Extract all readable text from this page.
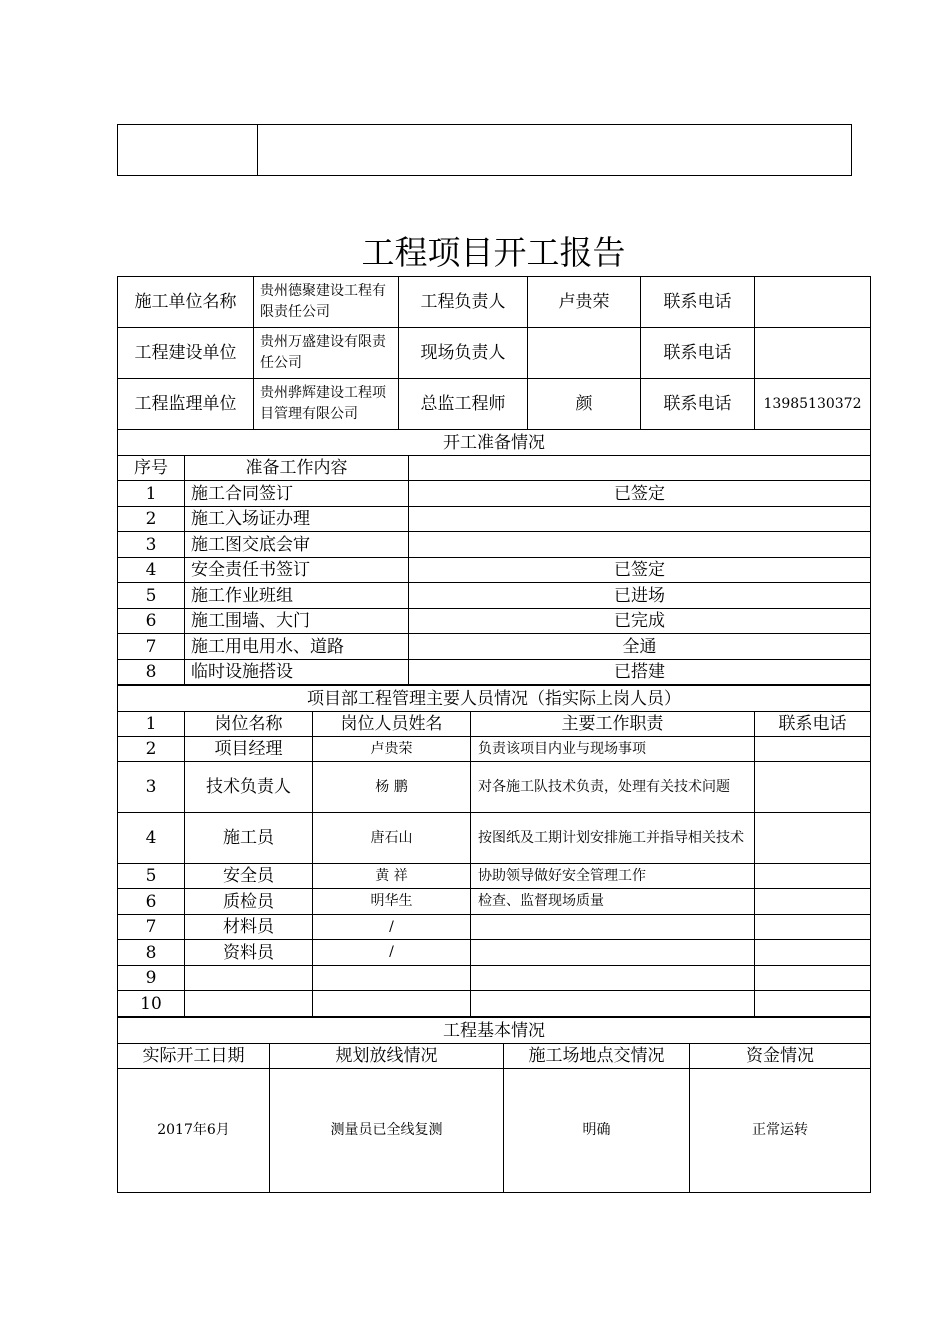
工程项目开工报告
施工单位名称	贵州德聚建设工程有限责任公司	工程负责人	卢贵荣	联系电话	
工程建设单位	贵州万盛建设有限责任公司	现场负责人		联系电话	
工程监理单位	贵州骅辉建设工程项目管理有限公司	总监工程师	颜	联系电话	13985130372
开工准备情况		
序号	准备工作内容	
1	施工合同签订	已签定
2	施工入场证办理	
3	施工图交底会审	
4	安全责任书签订	已签定
5	施工作业班组	已进场
6	施工围墙、大门	已完成
7	施工用电用水、道路	全通
8	临时设施搭设	已搭建
项目部工程管理主要人员情况（指实际上岗人员）				
1	岗位名称	岗位人员姓名	主要工作职责	联系电话
2	项目经理	卢贵荣	负责该项目内业与现场事项	
3	技术负责人	杨 鹏	对各施工队技术负责，处理有关技术问题	
4	施工员	唐石山	按图纸及工期计划安排施工并指导相关技术	
5	安全员	黄 祥	协助领导做好安全管理工作	
6	质检员	明华生	检查、监督现场质量	
7	材料员	/		
8	资料员	/		
9				
10				
工程基本情况			
实际开工日期	规划放线情况	施工场地点交情况	资金情况
2017年6月	测量员已全线复测	明确	正常运转
